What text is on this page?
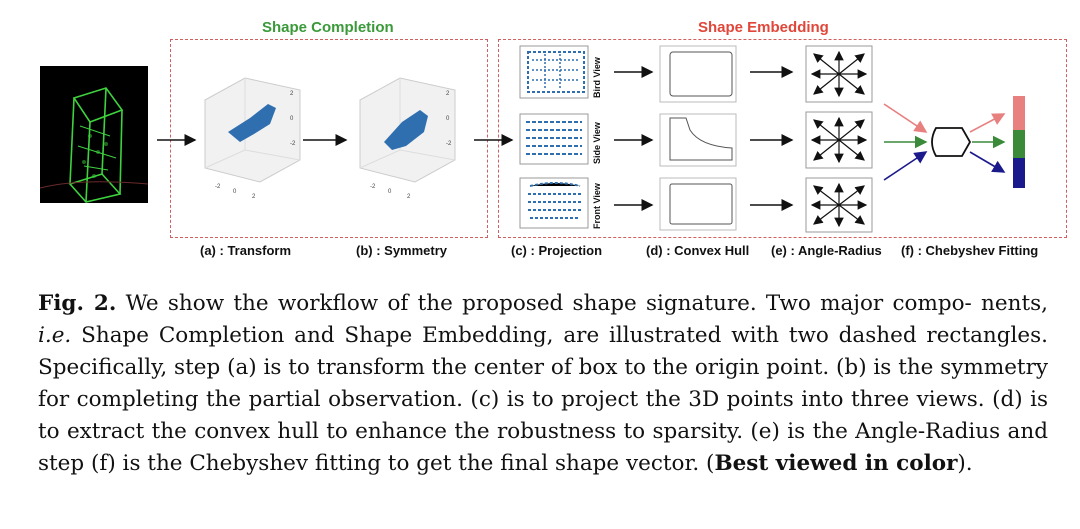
Shape Completion	Shape Embedding
2
0
-2
-2
0
2
2
0
-2
-2
0
2
Bird View
Side View
Front View
(a) : Transform	(b) : Symmetry	(c) : Projection	(d) : Convex Hull (e) : Angle-Radius (f) : Chebyshev Fitting
Fig. 2. We show the workflow of the proposed shape signature. Two major compo- nents, i.e. Shape Completion and Shape Embedding, are illustrated with two dashed rectangles. Specifically, step (a) is to transform the center of box to the origin point. (b) is the symmetry for completing the partial observation. (c) is to project the 3D points into three views. (d) is to extract the convex hull to enhance the robustness to sparsity. (e) is the Angle-Radius and step (f) is the Chebyshev fitting to get the final shape vector. (Best viewed in color).
